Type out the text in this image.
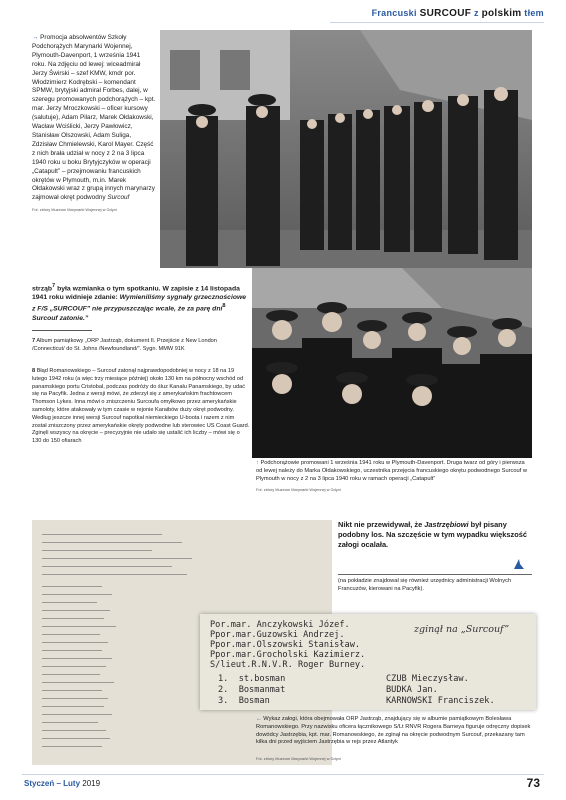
Francuski SURCOUF z polskim tłem
→ Promocja absolwentów Szkoły Podchorążych Marynarki Wojennej, Plymouth-Davenport, 1 września 1941 roku. Na zdjęciu od lewej: wiceadmirał Jerzy Świrski – szef KMW, kmdr por. Włodzimierz Kodrębski – komendant SPMW, brytyjski admirał Forbes, dalej, w szeregu promowanych podchorążych – kpt. mar. Jerzy Mroczkowski – oficer kursowy (salutuje), Adam Pilarz, Marek Ołdakowski, Wacław Wciślicki, Jerzy Pawłowicz, Stanisław Olszowski, Adam Suliga, Zdzisław Chmielewski, Karol Mayer. Część z nich brała udział w nocy z 2 na 3 lipca 1940 roku u boku Brytyjczyków w operacji „Catapult” – przejmowaniu francuskich okrętów w Plymouth, m.in. Marek Ołdakowski wraz z grupą innych marynarzy zajmował okręt podwodny Surcouf
Fot. zbiory Muzeum Marynarki Wojennej w Gdyni
strząb$^7$ była wzmianka o tym spotkaniu. W zapisie z 14 listopada 1941 roku widnieje zdanie: Wymieniliśmy sygnały grzecznościowe z F/S „SURCOUF” nie przypuszczając wcale, że za parę dni$^8$ Surcouf zatonie.”
7 Album pamiątkowy „ORP Jastrząb, dokument II. Przejście z New London /Connecticut/ do St. Johns /Newfoundland/”. Sygn. MMW 91K
8 Błąd Romanowskiego – Surcouf zatonął najprawdopodobniej w nocy z 18 na 19 lutego 1942 roku (a więc trzy miesiące później) około 130 km na północny wschód od panamskiego portu Cristobal, podczas podróży do śluz Kanału Panamskiego, by udać się na Pacyfik. Jedna z wersji mówi, że zderzył się z amerykańskim frachtowcem Thomson Lykes. Inna mówi o zniszczeniu Surcoufa omyłkowo przez amerykańskie samoloty, które atakowały w tym czasie w rejonie Karaibów duży okręt podwodny. Według jeszcze innej wersji Surcouf napotkał niemieckiego U-boota i razem z nim został zniszczony przez amerykańskie okręty podwodne lub sterowiec US Coast Guard. Zginęli wszyscy na okręcie – precyzyjnie nie udało się ustalić ich liczby – mówi się o 130 do 150 ofiarach
↑ Podchorążowie promowani 1 września 1941 roku w Plymouth-Davenport. Druga twarz od góry i pierwsza od lewej należy do Marka Ołdakowskiego, uczestnika przejęcia francuskiego okrętu podwodnego Surcouf w Plymouth w nocy z 2 na 3 lipca 1940 roku w ramach operacji „Catapult”
Fot. zbiory Muzeum Marynarki Wojennej w Gdyni
Nikt nie przewidywał, że Jastrzębiowi był pisany podobny los. Na szczęście w tym wypadku większość załogi ocalała.
(na pokładzie znajdował się również urzędnicy administracji Wolnych Francuzów, kierowani na Pacyfik).
Por.mar. Anczykowski Józef.
Ppor.mar.Guzowski Andrzej.
Ppor.mar.Olszowski Stanisław.
Ppor.mar.Grocholski Kazimierz.
S/lieut.R.N.V.R. Roger Burney.
zginął na „Surcouf”
1.  st.bosman	CZUB Mieczysław.
2.  Bosmanmat	BUDKA Jan.
3.  Bosman	KARNOWSKI Franciszek.
← Wykaz załogi, która obejmowała ORP Jastrząb, znajdujący się w albumie pamiątkowym Bolesława Romanowskiego. Przy nazwisku oficera łącznikowego S/Lt RNVR Rogera Barneya figuruje odręczny dopisek dowódcy Jastrzębia, kpt. mar. Romanowskiego, że zginął na okręcie podwodnym Surcouf, przekazany tam kilka dni przed wyjściem Jastrzębia w rejs przez Atlantyk
Fot. zbiory Muzeum Marynarki Wojennej w Gdyni
Styczeń – Luty 2019	73
